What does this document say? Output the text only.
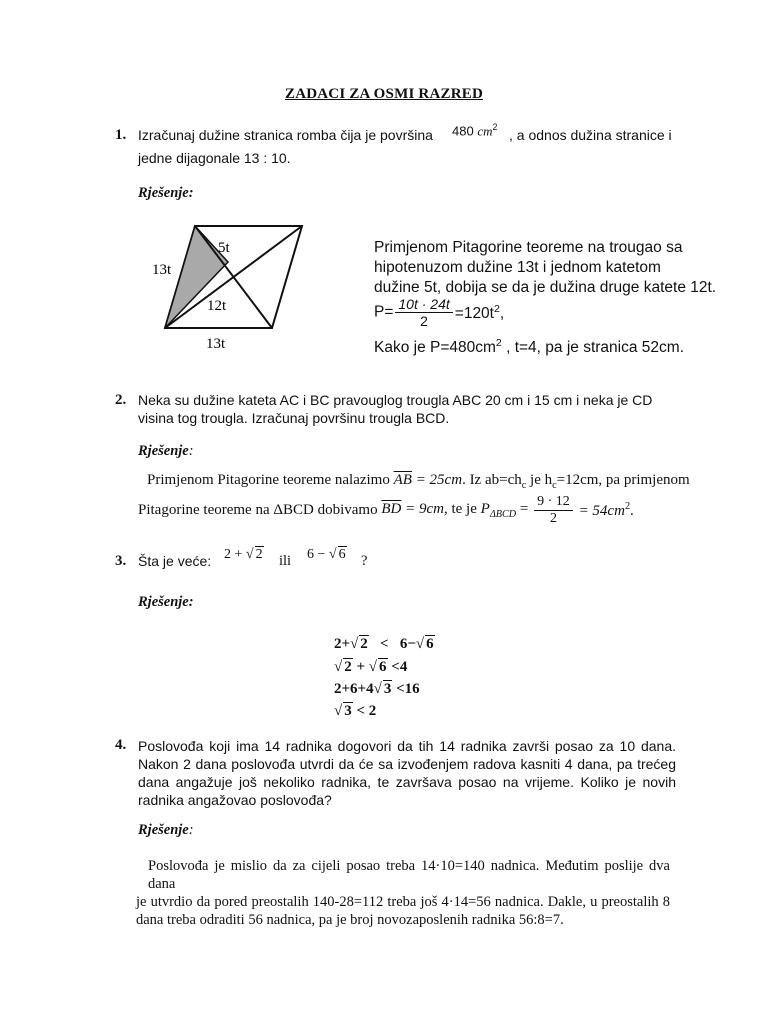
ZADACI ZA OSMI RAZRED
1. Izračunaj dužine stranica romba čija je površina 480 $cm^2$ , a odnos dužina stranice i
jedne dijagonale 13 : 10.
Rješenje:
5t
13t
12t
13t
Primjenom Pitagorine teoreme na trougao sa
hipotenuzom dužine 13t i jednom katetom
dužine 5t, dobija se da je dužina druge katete 12t.
$P= \frac{10t \cdot 24t}{2} =120t^2$,
Kako je $P=480cm^2$ , t=4, pa je stranica 52cm.
2. Neka su dužine kateta AC i BC pravouglog trougla ABC 20 cm i 15 cm i neka je CD
visina tog trougla. Izračunaj površinu trougla BCD.
Rješenje:
Primjenom Pitagorine teoreme nalazimo $\overline{AB} = 25cm$. Iz $ab=ch_c$ je $h_c=12cm$, pa primjenom
Pitagorine teoreme na ΔBCD dobivamo $\overline{BD} = 9cm$, te je $P_{\Delta BCD} = \frac{9 \cdot 12}{2} = 54cm^2$.
3. Šta je veće: 2 + √ 2 ili 6 − √ 6 ?
Rješenje:
2+√ 2   <   6−√ 6
√ 2 + √ 6 <4
2+6+4√ 3 <16
√ 3 < 2
4. Poslovođa koji ima 14 radnika dogovori da tih 14 radnika završi posao za 10 dana.
Nakon 2 dana poslovođa utvrdi da će sa izvođenjem radova kasniti 4 dana, pa trećeg
dana angažuje još nekoliko radnika, te završava posao na vrijeme. Koliko je novih
radnika angažovao poslovođa?
Rješenje:
Poslovođa je mislio da za cijeli posao treba 14·10=140 nadnica. Međutim poslije dva dana
je utvrdio da pored preostalih 140-28=112 treba još 4·14=56 nadnica. Dakle, u preostalih 8
dana treba odraditi 56 nadnica, pa je broj novozaposlenih radnika 56:8=7.
